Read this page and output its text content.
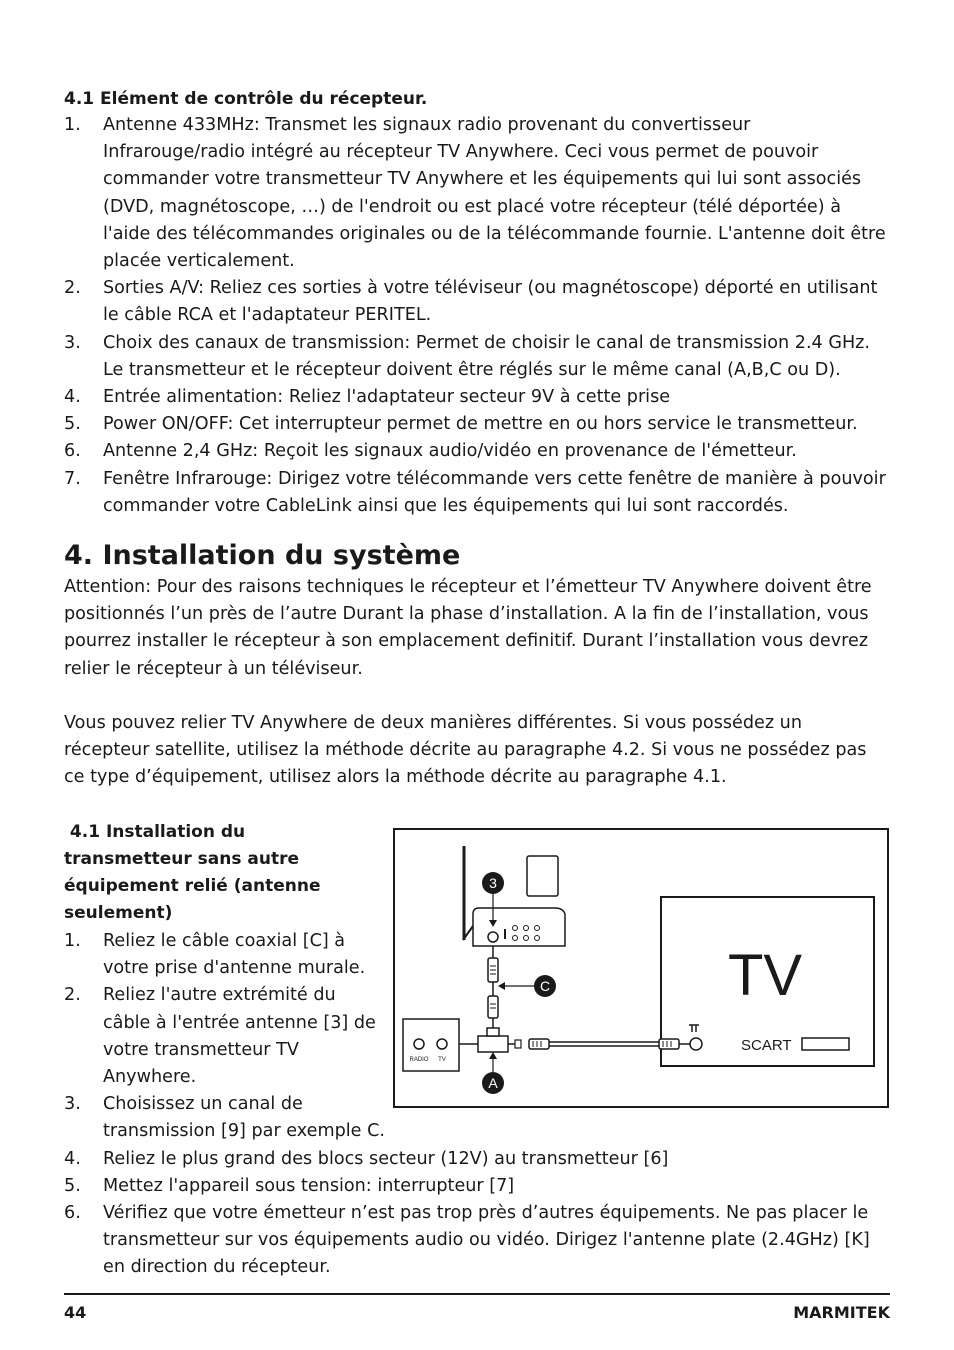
4.1 Elément de contrôle du récepteur.
1. Antenne 433MHz: Transmet les signaux radio provenant du convertisseur Infrarouge/radio intégré au récepteur TV Anywhere. Ceci vous permet de pouvoir commander votre transmetteur TV Anywhere et les équipements qui lui sont associés (DVD, magnétoscope, …) de l'endroit ou est placé votre récepteur (télé déportée) à l'aide des télécommandes originales ou de la télécommande fournie. L'antenne doit être placée verticalement.
2. Sorties A/V: Reliez ces sorties à votre téléviseur (ou magnétoscope) déporté en utilisant le câble RCA et l'adaptateur PERITEL.
3. Choix des canaux de transmission: Permet de choisir le canal de transmission 2.4 GHz. Le transmetteur et le récepteur doivent être réglés sur le même canal (A,B,C ou D).
4. Entrée alimentation: Reliez l'adaptateur secteur 9V à cette prise
5. Power ON/OFF: Cet interrupteur permet de mettre en ou hors service le transmetteur.
6. Antenne 2,4 GHz: Reçoit les signaux audio/vidéo en provenance de l'émetteur.
7. Fenêtre Infrarouge: Dirigez votre télécommande vers cette fenêtre de manière à pouvoir commander votre CableLink ainsi que les équipements qui lui sont raccordés.
4. Installation du système

Attention: Pour des raisons techniques le récepteur et l’émetteur TV Anywhere doivent être positionnés l’un près de l’autre Durant la phase d’installation. A la fin de l’installation, vous pourrez installer le récepteur à son emplacement definitif. Durant l’installation vous devrez relier le récepteur à un téléviseur.

Vous pouvez relier TV Anywhere de deux manières différentes. Si vous possédez un récepteur satellite, utilisez la méthode décrite au paragraphe 4.2. Si vous ne possédez pas ce type d’équipement, utilisez alors la méthode décrite au paragraphe 4.1.

4.1 Installation du
transmetteur sans autre
équipement relié (antenne
seulement)
1. Reliez le câble coaxial [C] à votre prise d'antenne murale.
2. Reliez l'autre extrémité du câble à l'entrée antenne [3] de votre transmetteur TV Anywhere.
3. Choisissez un canal de transmission [9] par exemple C.
4. Reliez le plus grand des blocs secteur (12V) au transmetteur [6]
5. Mettez l'appareil sous tension: interrupteur [7]
6. Vérifiez que votre émetteur n’est pas trop près d’autres équipements. Ne pas placer le transmetteur sur vos équipements audio ou vidéo. Dirigez l'antenne plate (2.4GHz) [K] en direction du récepteur.
TV
SCART
3
C
A
RADIO TV
44	MARMITEK
